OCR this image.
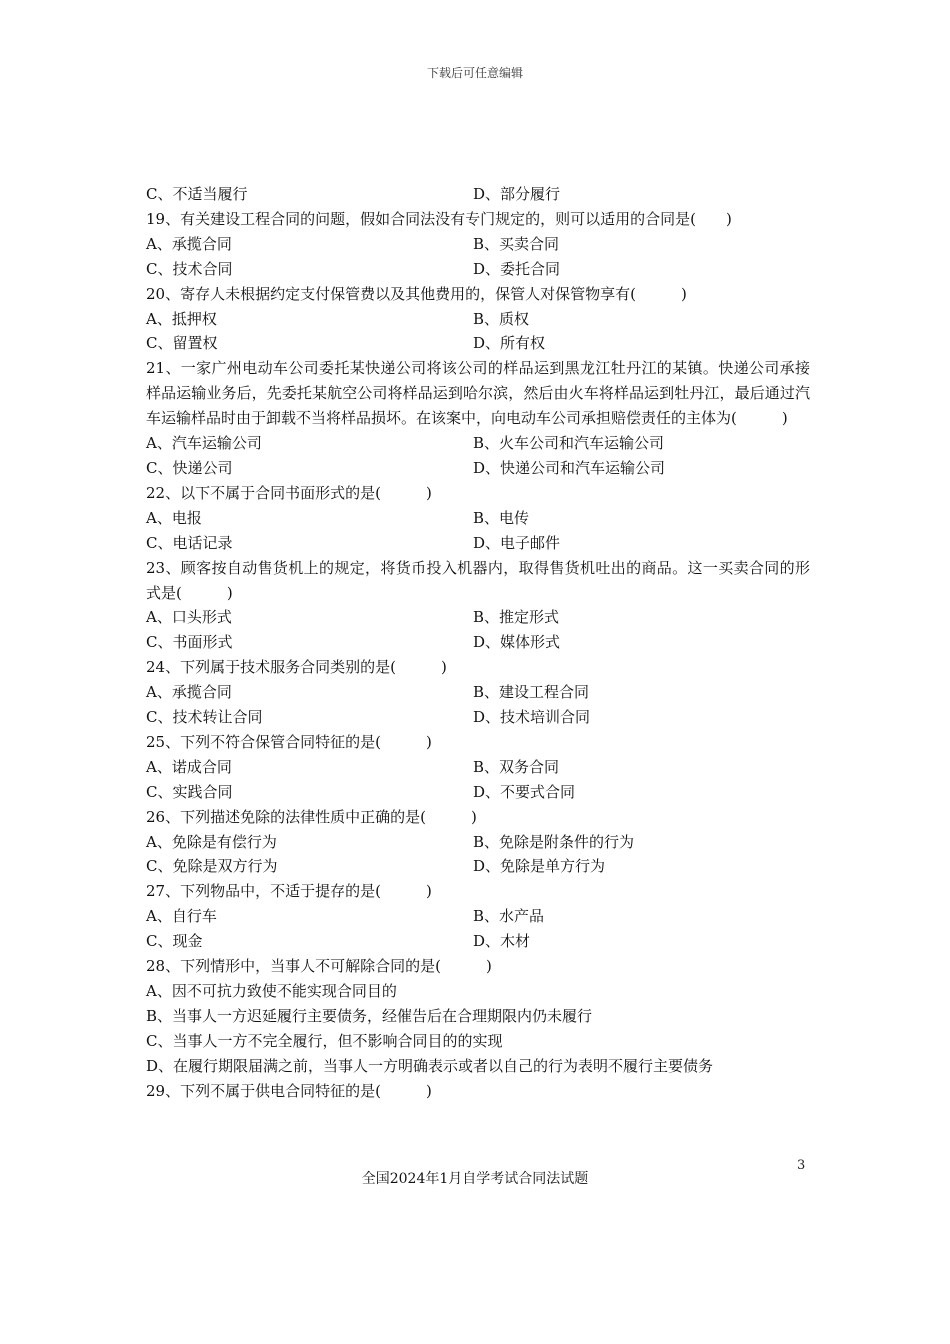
下载后可任意编辑
C、不适当履行	D、部分履行

19、有关建设工程合同的问题，假如合同法没有专门规定的，则可以适用的合同是(　　)

A、承揽合同	B、买卖合同
C、技术合同	D、委托合同

20、寄存人未根据约定支付保管费以及其他费用的，保管人对保管物享有(　　　)

A、抵押权	B、质权
C、留置权	D、所有权

21、一家广州电动车公司委托某快递公司将该公司的样品运到黑龙江牡丹江的某镇。快递公司承接样品运输业务后，先委托某航空公司将样品运到哈尔滨，然后由火车将样品运到牡丹江，最后通过汽车运输样品时由于卸载不当将样品损坏。在该案中，向电动车公司承担赔偿责任的主体为(　　　)

A、汽车运输公司	B、火车公司和汽车运输公司
C、快递公司	D、快递公司和汽车运输公司

22、以下不属于合同书面形式的是(　　　)

A、电报	B、电传
C、电话记录	D、电子邮件

23、顾客按自动售货机上的规定，将货币投入机器内，取得售货机吐出的商品。这一买卖合同的形式是(　　　)

A、口头形式	B、推定形式
C、书面形式	D、媒体形式

24、下列属于技术服务合同类别的是(　　　)

A、承揽合同	B、建设工程合同
C、技术转让合同	D、技术培训合同

25、下列不符合保管合同特征的是(　　　)

A、诺成合同	B、双务合同
C、实践合同	D、不要式合同

26、下列描述免除的法律性质中正确的是(　　　)

A、免除是有偿行为	B、免除是附条件的行为
C、免除是双方行为	D、免除是单方行为

27、下列物品中，不适于提存的是(　　　)

A、自行车	B、水产品
C、现金	D、木材

28、下列情形中，当事人不可解除合同的是(　　　)

A、因不可抗力致使不能实现合同目的
B、当事人一方迟延履行主要债务，经催告后在合理期限内仍未履行
C、当事人一方不完全履行，但不影响合同目的的实现
D、在履行期限届满之前，当事人一方明确表示或者以自己的行为表明不履行主要债务

29、下列不属于供电合同特征的是(　　　)

3
全国2024年1月自学考试合同法试题
